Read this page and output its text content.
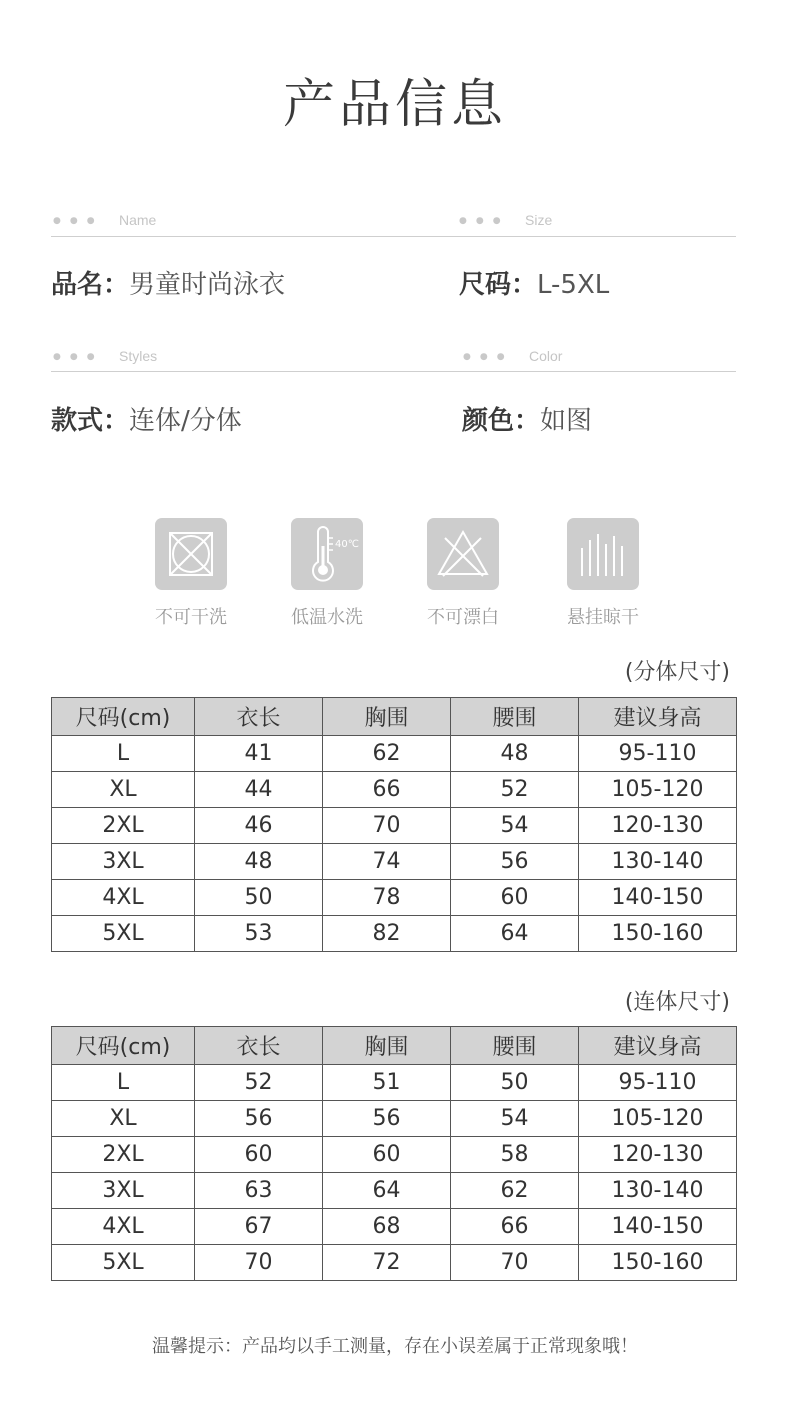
产品信息
●●● Name	●●● Size
品名：男童时尚泳衣	尺码：L-5XL
●●● Styles	●●● Color
款式：连体/分体	颜色：如图
不可干洗
40℃
低温水洗	不可漂白	悬挂晾干
(分体尺寸)
尺码(cm)	衣长	胸围	腰围	建议身高
L	41	62	48	95-110
XL	44	66	52	105-120
2XL	46	70	54	120-130
3XL	48	74	56	130-140
4XL	50	78	60	140-150
5XL	53	82	64	150-160
(连体尺寸)
尺码(cm)	衣长	胸围	腰围	建议身高
L	52	51	50	95-110
XL	56	56	54	105-120
2XL	60	60	58	120-130
3XL	63	64	62	130-140
4XL	67	68	66	140-150
5XL	70	72	70	150-160
温馨提示：产品均以手工测量，存在小误差属于正常现象哦！
